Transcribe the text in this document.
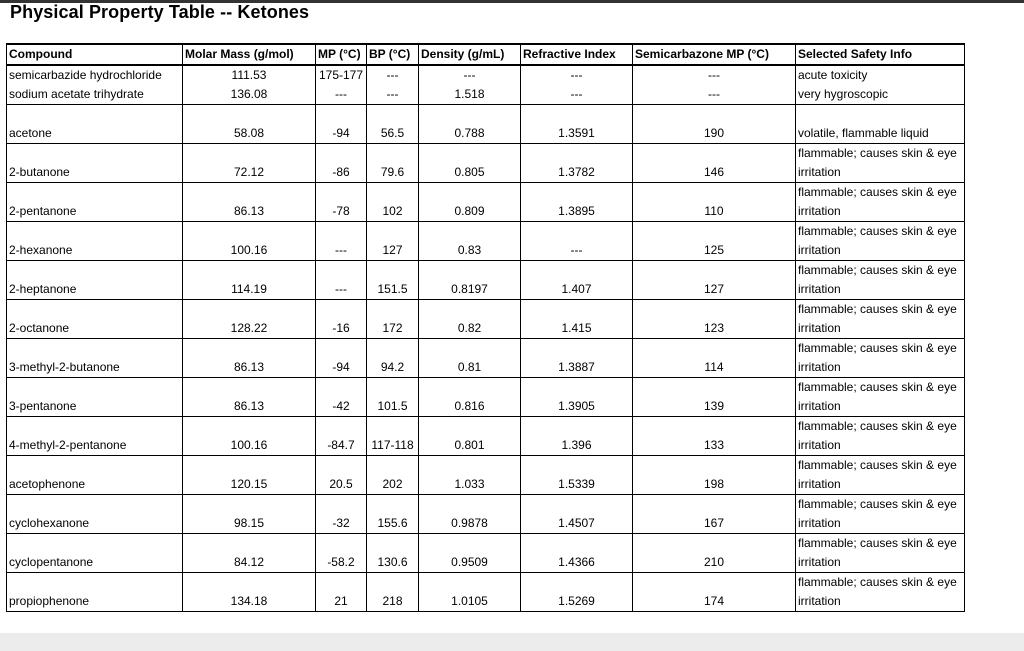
Physical Property Table -- Ketones
Compound	Molar Mass (g/mol)	MP (°C)	BP (°C)	Density (g/mL)	Refractive Index	Semicarbazone MP (°C)	Selected Safety Info
semicarbazide hydrochloride	111.53	175-177	---	---	---	---	acute toxicity
sodium acetate trihydrate	136.08	---	---	1.518	---	---	very hygroscopic
acetone	58.08	-94	56.5	0.788	1.3591	190	volatile, flammable liquid
2-butanone	72.12	-86	79.6	0.805	1.3782	146	flammable; causes skin & eye irritation
2-pentanone	86.13	-78	102	0.809	1.3895	110	flammable; causes skin & eye irritation
2-hexanone	100.16	---	127	0.83	---	125	flammable; causes skin & eye irritation
2-heptanone	114.19	---	151.5	0.8197	1.407	127	flammable; causes skin & eye irritation
2-octanone	128.22	-16	172	0.82	1.415	123	flammable; causes skin & eye irritation
3-methyl-2-butanone	86.13	-94	94.2	0.81	1.3887	114	flammable; causes skin & eye irritation
3-pentanone	86.13	-42	101.5	0.816	1.3905	139	flammable; causes skin & eye irritation
4-methyl-2-pentanone	100.16	-84.7	117-118	0.801	1.396	133	flammable; causes skin & eye irritation
acetophenone	120.15	20.5	202	1.033	1.5339	198	flammable; causes skin & eye irritation
cyclohexanone	98.15	-32	155.6	0.9878	1.4507	167	flammable; causes skin & eye irritation
cyclopentanone	84.12	-58.2	130.6	0.9509	1.4366	210	flammable; causes skin & eye irritation
propiophenone	134.18	21	218	1.0105	1.5269	174	flammable; causes skin & eye irritation
